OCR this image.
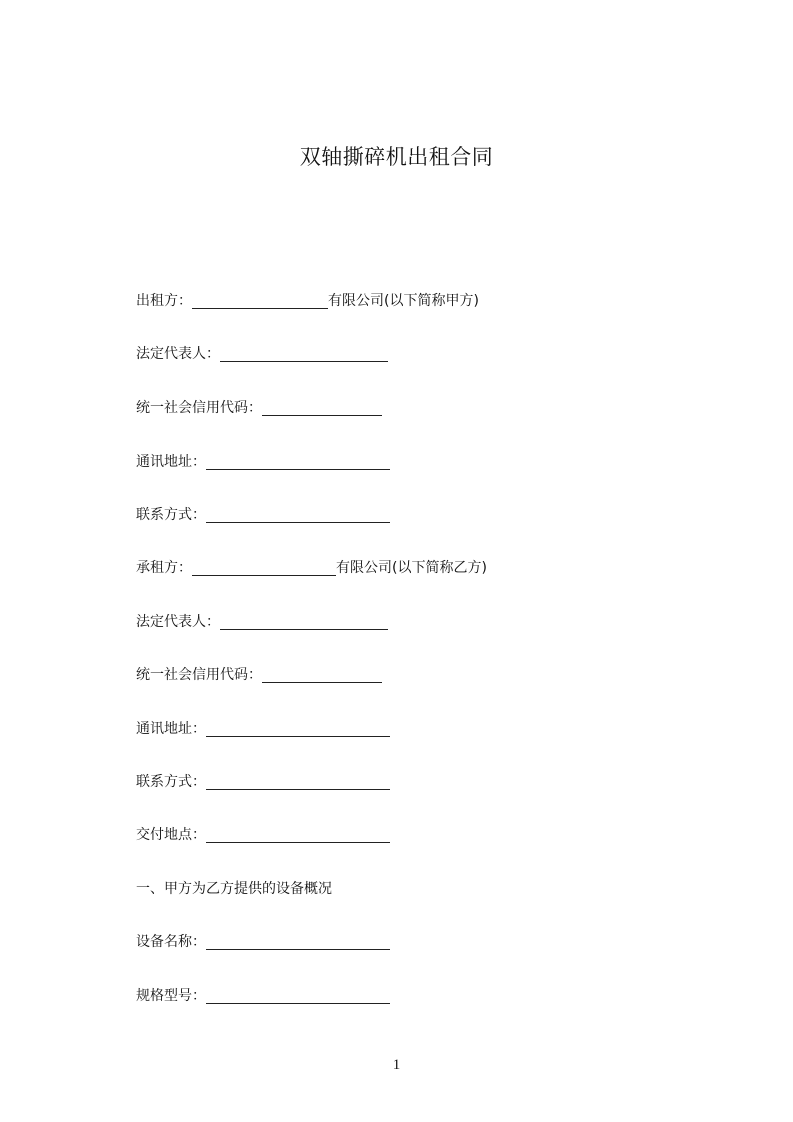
双轴撕碎机出租合同
出租方：	有限公司(以下简称甲方)
法定代表人：
统一社会信用代码：
通讯地址：
联系方式：
承租方：	有限公司(以下简称乙方)
法定代表人：
统一社会信用代码：
通讯地址：
联系方式：
交付地点：
一、甲方为乙方提供的设备概况
设备名称：
规格型号：
1
